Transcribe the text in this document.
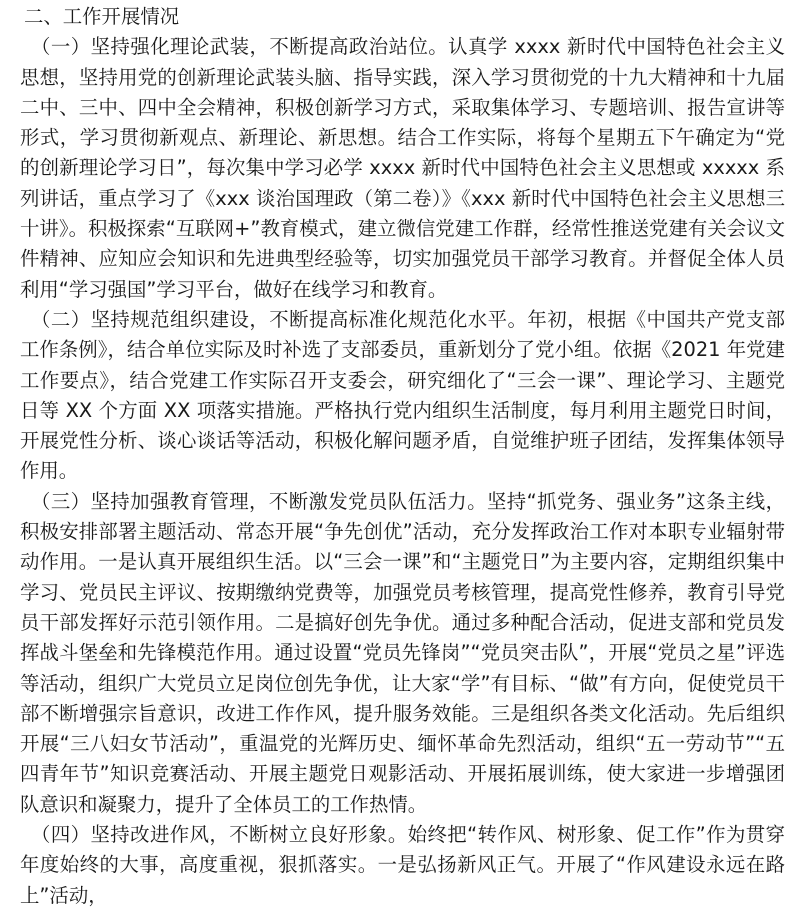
二、工作开展情况

（一）坚持强化理论武装，不断提高政治站位。认真学 xxxx 新时代中国特色社会主义思想，坚持用党的创新理论武装头脑、指导实践，深入学习贯彻党的十九大精神和十九届二中、三中、四中全会精神，积极创新学习方式，采取集体学习、专题培训、报告宣讲等形式，学习贯彻新观点、新理论、新思想。结合工作实际，将每个星期五下午确定为“党的创新理论学习日”，每次集中学习必学 xxxx 新时代中国特色社会主义思想或 xxxxx 系列讲话，重点学习了《xxx 谈治国理政（第二卷）》《xxx 新时代中国特色社会主义思想三十讲》。积极探索“互联网+”教育模式，建立微信党建工作群，经常性推送党建有关会议文件精神、应知应会知识和先进典型经验等，切实加强党员干部学习教育。并督促全体人员利用“学习强国”学习平台，做好在线学习和教育。

（二）坚持规范组织建设，不断提高标准化规范化水平。年初，根据《中国共产党支部工作条例》，结合单位实际及时补选了支部委员，重新划分了党小组。依据《2021 年党建工作要点》，结合党建工作实际召开支委会，研究细化了“三会一课”、理论学习、主题党日等 XX 个方面 XX 项落实措施。严格执行党内组织生活制度，每月利用主题党日时间，开展党性分析、谈心谈话等活动，积极化解问题矛盾，自觉维护班子团结，发挥集体领导作用。

（三）坚持加强教育管理，不断激发党员队伍活力。坚持“抓党务、强业务”这条主线，积极安排部署主题活动、常态开展“争先创优”活动，充分发挥政治工作对本职专业辐射带动作用。一是认真开展组织生活。以“三会一课”和“主题党日”为主要内容，定期组织集中学习、党员民主评议、按期缴纳党费等，加强党员考核管理，提高党性修养，教育引导党员干部发挥好示范引领作用。二是搞好创先争优。通过多种配合活动，促进支部和党员发挥战斗堡垒和先锋模范作用。通过设置“党员先锋岗”“党员突击队”，开展“党员之星”评选等活动，组织广大党员立足岗位创先争优，让大家“学”有目标、“做”有方向，促使党员干部不断增强宗旨意识，改进工作作风，提升服务效能。三是组织各类文化活动。先后组织开展“三八妇女节活动”，重温党的光辉历史、缅怀革命先烈活动，组织“五一劳动节”“五四青年节”知识竞赛活动、开展主题党日观影活动、开展拓展训练，使大家进一步增强团队意识和凝聚力，提升了全体员工的工作热情。

（四）坚持改进作风，不断树立良好形象。始终把“转作风、树形象、促工作”作为贯穿年度始终的大事，高度重视，狠抓落实。一是弘扬新风正气。开展了“作风建设永远在路上”活动，
